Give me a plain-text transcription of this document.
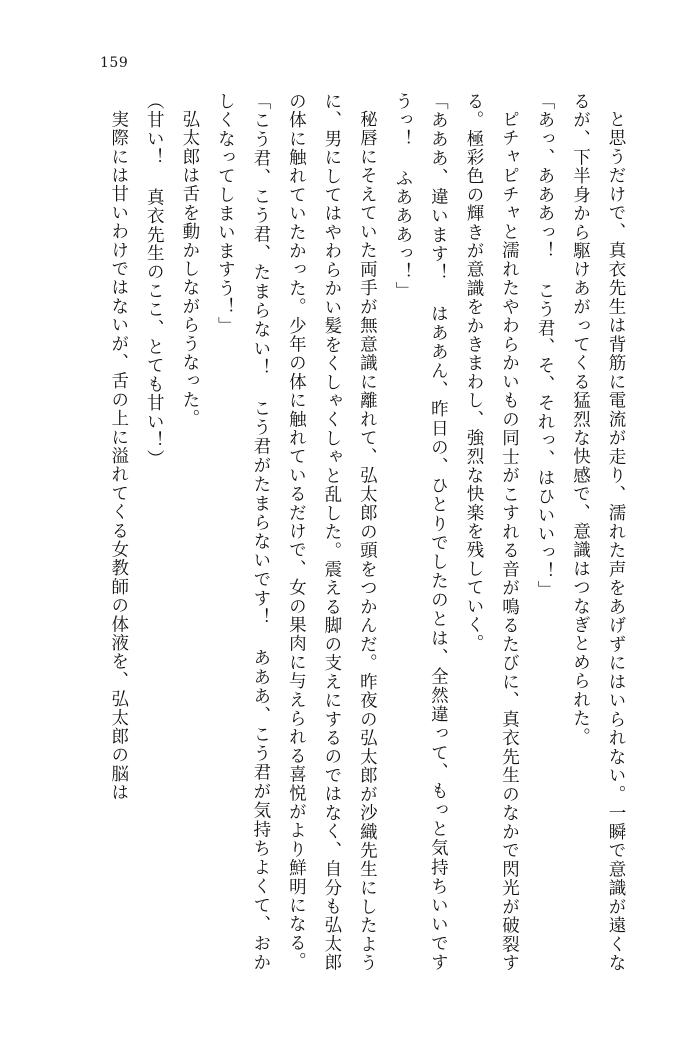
159

と思うだけで、真衣先生は背筋に電流が走り、濡れた声をあげずにはいられない。一瞬で意識が遠くなるが、下半身から駆けあがってくる猛烈な快感で、意識はつなぎとめられた。

「あっ、あああっ！ こう君、そ、それっ、はひいいっ！」

ピチャピチャと濡れたやわらかいもの同士がこすれる音が鳴るたびに、真衣先生のなかで閃光が破裂する。極彩色の輝きが意識をかきまわし、強烈な快楽を残していく。

「あああ、違います！ はああん、昨日の、ひとりでしたのとは、全然違って、もっと気持ちいいですうっ！ ふあああっ！」

秘唇にそえていた両手が無意識に離れて、弘太郎の頭をつかんだ。昨夜の弘太郎が沙織先生にしたように、男にしてはやわらかい髪をくしゃくしゃと乱した。震える脚の支えにするのではなく、自分も弘太郎の体に触れていたかった。少年の体に触れているだけで、女の果肉に与えられる喜悦がより鮮明になる。

「こう君、こう君、たまらない！ こう君がたまらないです！ あああ、こう君が気持ちよくて、おかしくなってしまいますう！」

弘太郎は舌を動かしながらうなった。

（甘い！ 真衣先生のここ、とても甘い！）

実際には甘いわけではないが、舌の上に溢れてくる女教師の体液を、弘太郎の脳は
